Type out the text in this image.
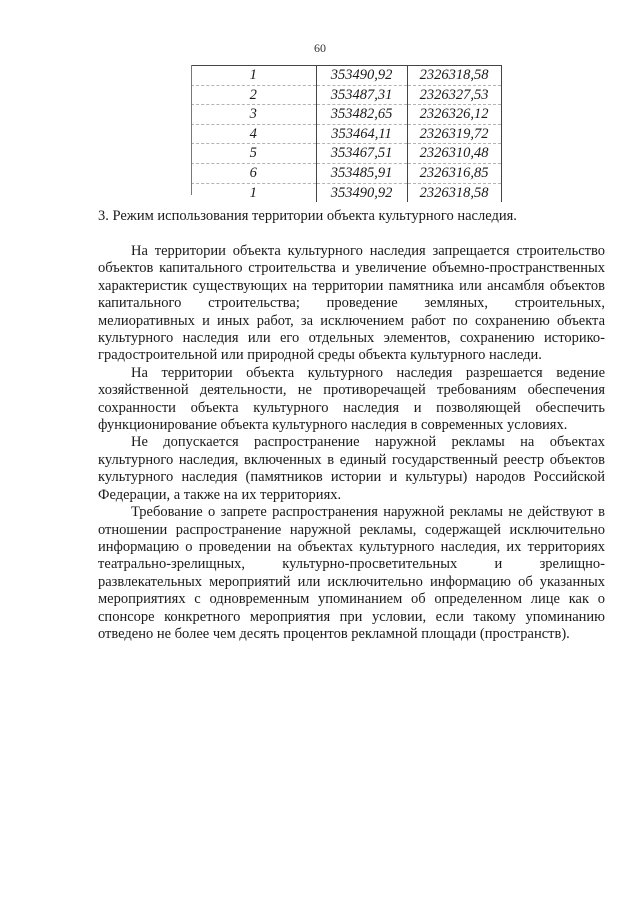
60
1	353490,92	2326318,58
2	353487,31	2326327,53
3	353482,65	2326326,12
4	353464,11	2326319,72
5	353467,51	2326310,48
6	353485,91	2326316,85
1	353490,92	2326318,58
3. Режим использования территории объекта культурного наследия.

На территории объекта культурного наследия запрещается строительство объектов капитального строительства и увеличение объемно-пространственных характеристик существующих на территории памятника или ансамбля объектов капитального строительства; проведение земляных, строительных, мелиоративных и иных работ, за исключением работ по сохранению объекта культурного наследия или его отдельных элементов, сохранению историко-градостроительной или природной среды объекта культурного наследи.

На территории объекта культурного наследия разрешается ведение хозяйственной деятельности, не противоречащей требованиям обеспечения сохранности объекта культурного наследия и позволяющей обеспечить функционирование объекта культурного наследия в современных условиях.

Не допускается распространение наружной рекламы на объектах культурного наследия, включенных в единый государственный реестр объектов культурного наследия (памятников истории и культуры) народов Российской Федерации, а также на их территориях.

Требование о запрете распространения наружной рекламы не действуют в отношении распространение наружной рекламы, содержащей исключительно информацию о проведении на объектах культурного наследия, их территориях театрально-зрелищных, культурно-просветительных и зрелищно-развлекательных мероприятий или исключительно информацию об указанных мероприятиях с одновременным упоминанием об определенном лице как о спонсоре конкретного мероприятия при условии, если такому упоминанию отведено не более чем десять процентов рекламной площади (пространств).
